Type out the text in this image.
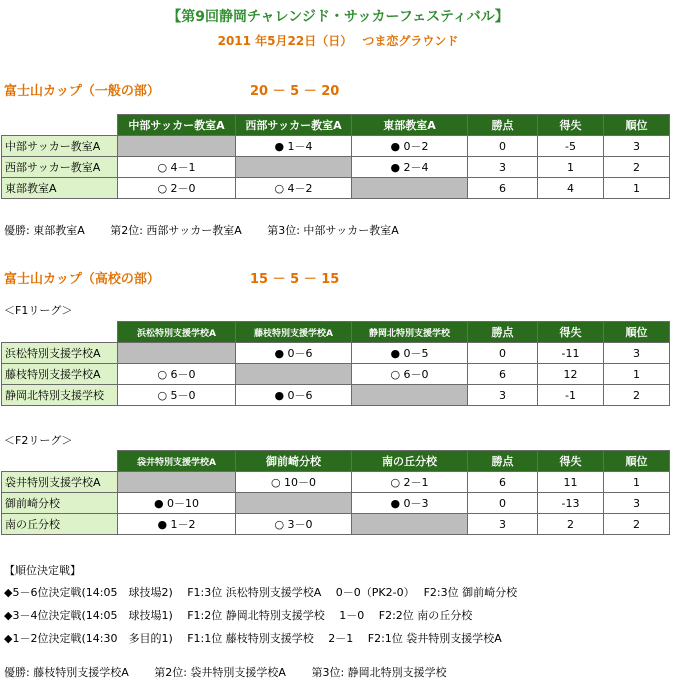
【第9回静岡チャレンジド・サッカーフェスティバル】
2011 年5月22日（日）　 つま恋グラウンド
富士山カップ（一般の部）	20 － 5 － 20
	中部サッカー教室A	西部サッカー教室A	東部教室A	勝点	得失	順位
中部サッカー教室A		● 1－4	● 0－2	0	-5	3
西部サッカー教室A	○ 4－1		● 2－4	3	1	2
東部教室A	○ 2－0	○ 4－2		6	4	1
優勝: 東部教室A　　 第2位: 西部サッカー教室A　　 第3位: 中部サッカー教室A
富士山カップ（高校の部）	15 － 5 － 15
＜F1リーグ＞
	浜松特別支援学校A	藤枝特別支援学校A	静岡北特別支援学校	勝点	得失	順位
浜松特別支援学校A		● 0－6	● 0－5	0	-11	3
藤枝特別支援学校A	○ 6－0		○ 6－0	6	12	1
静岡北特別支援学校	○ 5－0	● 0－6		3	-1	2
＜F2リーグ＞
	袋井特別支援学校A	御前崎分校	南の丘分校	勝点	得失	順位
袋井特別支援学校A		○ 10－0	○ 2－1	6	11	1
御前崎分校	● 0－10		● 0－3	0	-13	3
南の丘分校	● 1－2	○ 3－0		3	2	2
【順位決定戦】
◆5－6位決定戦(14:05　球技場2)　 F1:3位 浜松特別支援学校A　 0－0（PK2-0）　 F2:3位 御前崎分校
◆3－4位決定戦(14:05　球技場1)　 F1:2位 静岡北特別支援学校　 1－0　 F2:2位 南の丘分校
◆1－2位決定戦(14:30　多目的1)　 F1:1位 藤枝特別支援学校　 2－1　 F2:1位 袋井特別支援学校A
優勝: 藤枝特別支援学校A　　 第2位: 袋井特別支援学校A　　 第3位: 静岡北特別支援学校
